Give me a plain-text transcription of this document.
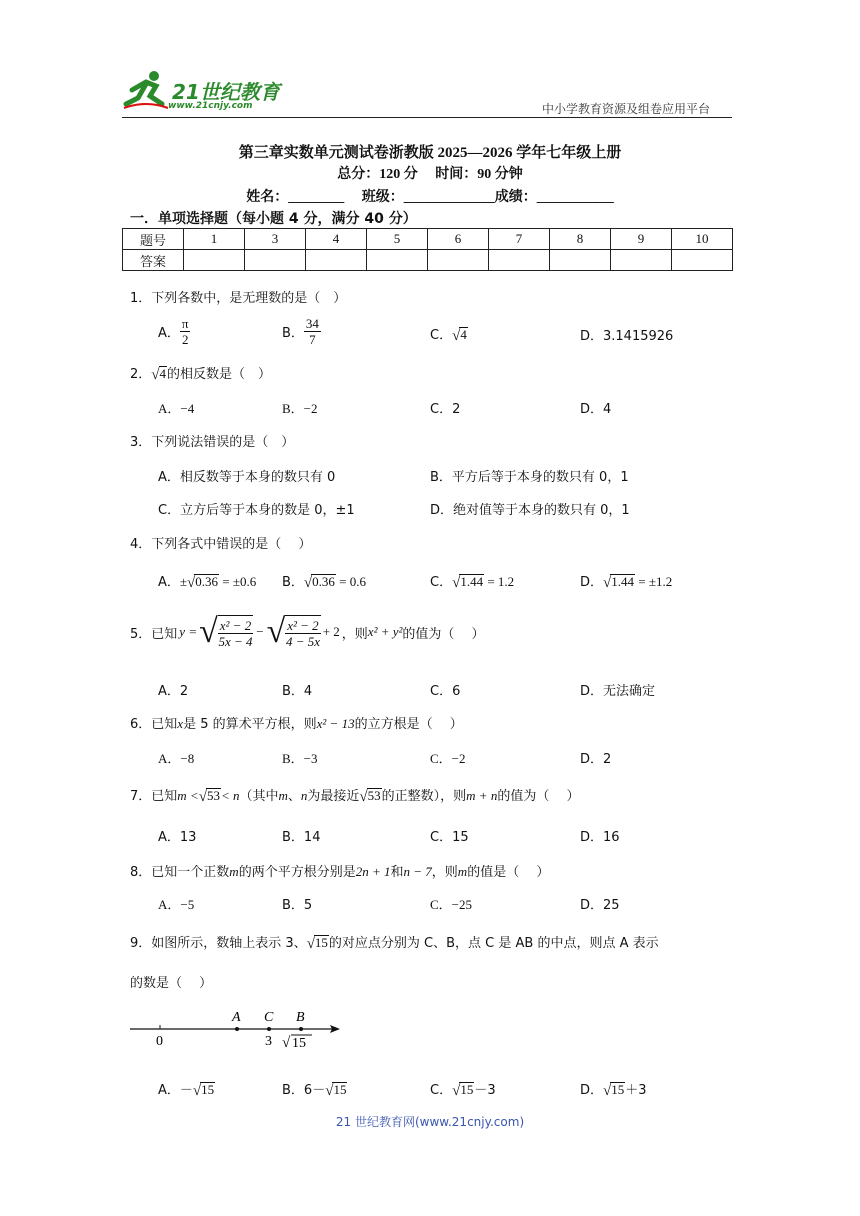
21世纪教育
www.21cnjy.com	中小学教育资源及组卷应用平台
第三章实数单元测试卷浙教版 2025—2026 学年七年级上册
总分：120 分　 时间：90 分钟
姓名：________　 班级：_____________成绩：___________
一．单项选择题（每小题 4 分，满分 40 分）
题号	1	3	4	5	6	7	8	9	10
答案									
1．下列各数中，是无理数的是（　）
A． $\frac{\pi}{2}$	B． $\frac{34}{7}$	C．√4	D．3.1415926
2．√4的相反数是（　）
A．−4	B．−2	C．2	D．4
3．下列说法错误的是（　）
A．相反数等于本身的数只有 0	B．平方后等于本身的数只有 0，1
C．立方后等于本身的数是 0，±1	D．绝对值等于本身的数只有 0，1
4．下列各式中错误的是（　 ）
A．±√0.36 = ±0.6 B．√0.36 = 0.6	C．√1.44 = 1.2	D．√1.44 = ±1.2
5． 已知 y = √ $\frac{\text{x² − 2}}{5x - 4}$ − √ $\frac{\text{x² − 2}}{4 - 5x} + 2$ ，则 x² + y² 的值为（　 ）
A．2	B．4	C．6	D．无法确定
6．已知x是 5 的算术平方根，则x² − 13的立方根是（　 ）
A．−8	B．−3	C．−2	D．2
7．已知m <√53< n（其中m、n为最接近√53的正整数），则m + n的值为（　 ）
A．13	B．14	C．15	D．16
8．已知一个正数m的两个平方根分别是2n + 1和n − 7，则m的值是（　 ）
A．−5	B．5	C．−25	D．25
9．如图所示，数轴上表示 3、√15的对应点分别为 C、B，点 C 是 AB 的中点，则点 A 表示
的数是（　 ）
0
A C B
3 √ 15
A．－√15	B．6－√15	C．√15－3	D．√15＋3
21 世纪教育网(www.21cnjy.com)
